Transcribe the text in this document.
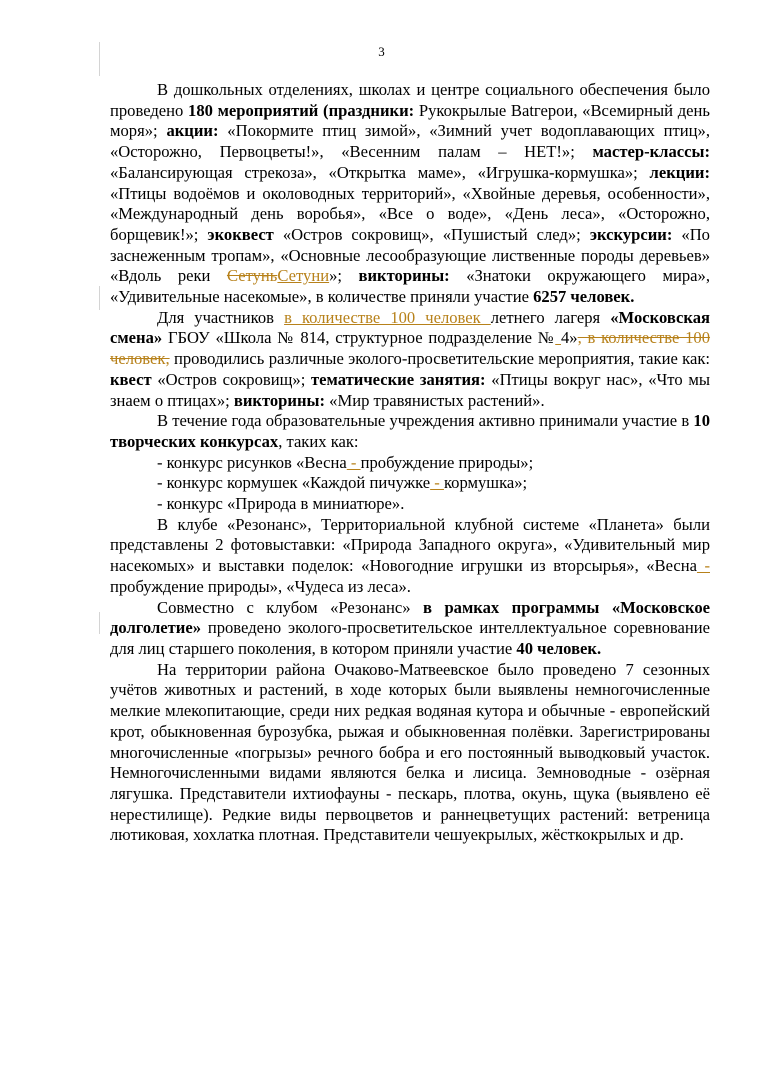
3

В дошкольных отделениях, школах и центре социального обеспечения было проведено 180 мероприятий (праздники: Рукокрылые Batгерои, «Всемирный день моря»; акции: «Покормите птиц зимой», «Зимний учет водоплавающих птиц», «Осторожно, Первоцветы!», «Весенним палам – НЕТ!»; мастер-классы: «Балансирующая стрекоза», «Открытка маме», «Игрушка-кормушка»; лекции: «Птицы водоёмов и околоводных территорий», «Хвойные деревья, особенности», «Международный день воробья», «Все о воде», «День леса», «Осторожно, борщевик!»; экоквест «Остров сокровищ», «Пушистый след»; экскурсии: «По заснеженным тропам», «Основные лесообразующие лиственные породы деревьев» «Вдоль реки СетуньСетуни»; викторины: «Знатоки окружающего мира», «Удивительные насекомые», в количестве приняли участие 6257 человек.

Для участников в количестве 100 человек летнего лагеря «Московская смена» ГБОУ «Школа № 814, структурное подразделение № 4», в количестве 100 человек, проводились различные эколого-просветительские мероприятия, такие как: квест «Остров сокровищ»; тематические занятия: «Птицы вокруг нас», «Что мы знаем о птицах»; викторины: «Мир травянистых растений».

В течение года образовательные учреждения активно принимали участие в 10 творческих конкурсах, таких как:

- конкурс рисунков «Весна - пробуждение природы»;

- конкурс кормушек «Каждой пичужке - кормушка»;

- конкурс «Природа в миниатюре».

В клубе «Резонанс», Территориальной клубной системе «Планета» были представлены 2 фотовыставки: «Природа Западного округа», «Удивительный мир насекомых» и выставки поделок: «Новогодние игрушки из вторсырья», «Весна - пробуждение природы», «Чудеса из леса».

Совместно с клубом «Резонанс» в рамках программы «Московское долголетие» проведено эколого-просветительское интеллектуальное соревнование для лиц старшего поколения, в котором приняли участие 40 человек.

На территории района Очаково-Матвеевское было проведено 7 сезонных учётов животных и растений, в ходе которых были выявлены немногочисленные мелкие млекопитающие, среди них редкая водяная кутора и обычные - европейский крот, обыкновенная бурозубка, рыжая и обыкновенная полёвки. Зарегистрированы многочисленные «погрызы» речного бобра и его постоянный выводковый участок. Немногочисленными видами являются белка и лисица. Земноводные - озёрная лягушка. Представители ихтиофауны - пескарь, плотва, окунь, щука (выявлено её нерестилище). Редкие виды первоцветов и раннецветущих растений: ветреница лютиковая, хохлатка плотная. Представители чешуекрылых, жёсткокрылых и др.
